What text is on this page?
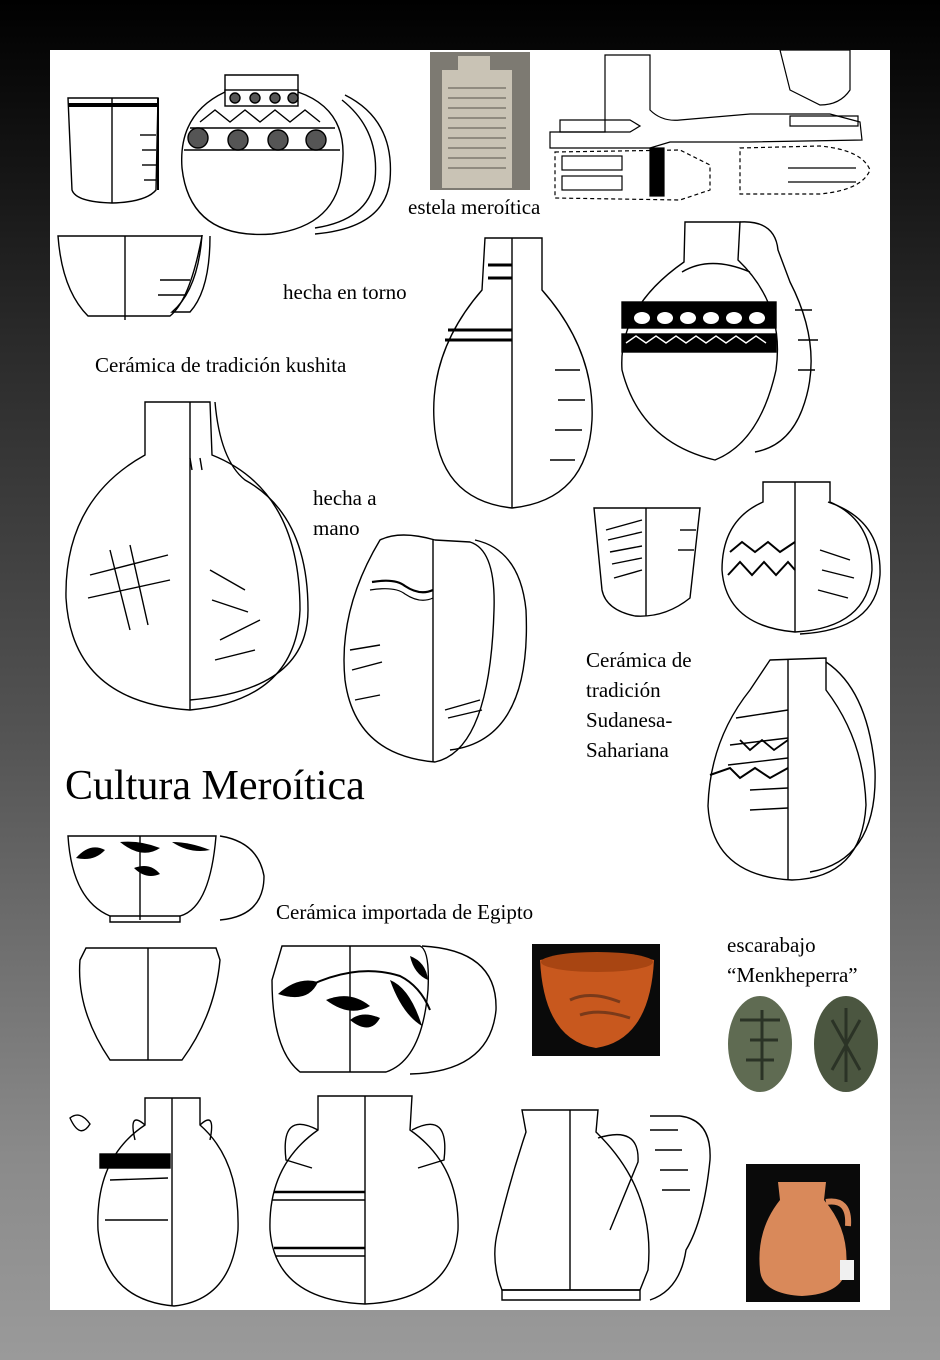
estela meroítica
hecha en torno
Cerámica de tradición kushita
hecha a
mano
Cerámica de
tradición
Sudanesa-
Sahariana
Cultura Meroítica
Cerámica importada de Egipto
escarabajo
“Menkheperra”
